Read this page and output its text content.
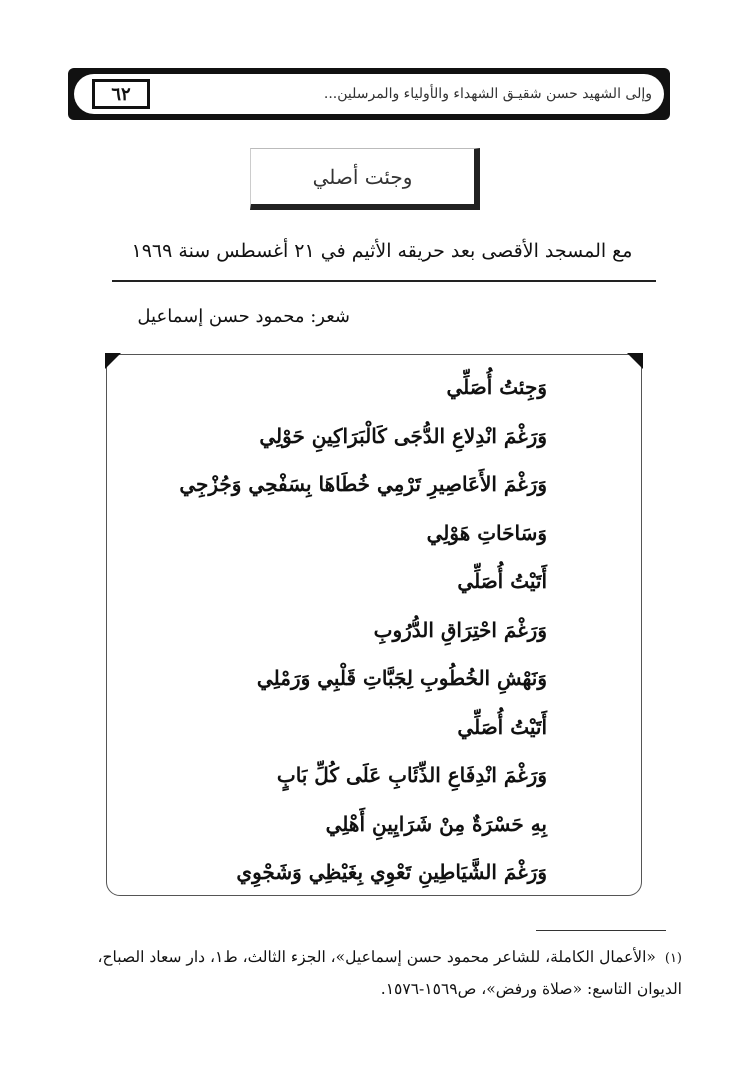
وإلى الشهيد حسن شقيـق الشهداء والأولياء والمرسلين...
٦٢
وجئت أصلي
مع المسجد الأقصى بعد حريقه الأثيم في ٢١ أغسطس سنة ١٩٦٩
شعر: محمود حسن إسماعيل
وَجِئتُ أُصَلِّي
وَرَغْمَ انْدِلاعِ الدُّجَى كَالْبَرَاكِينِ حَوْلِي
وَرَغْمَ الأَعَاصِيرِ تَرْمِي خُطَاهَا بِسَفْحِي وَجُزْجِي
وَسَاحَاتِ هَوْلِي
أَتَيْتُ أُصَلِّي
وَرَغْمَ احْتِرَاقِ الدُّرُوبِ
وَنَهْشِ الخُطُوبِ لِجَبَّاتِ قَلْبِي وَرَمْلِي
أَتَيْتُ أُصَلِّي
وَرَغْمَ انْدِفَاعِ الذِّئَابِ عَلَى كُلِّ بَابٍ
بِهِ حَسْرَةٌ مِنْ شَرَايِينِ أَهْلِي
وَرَغْمَ الشَّيَاطِينِ تَعْوِي بِغَيْظِي وَشَجْوِي
(١) «الأعمال الكاملة، للشاعر محمود حسن إسماعيل»، الجزء الثالث، ط١، دار سعاد الصباح، الديوان التاسع: «صلاة ورفض»، ص١٥٦٩-١٥٧٦.
